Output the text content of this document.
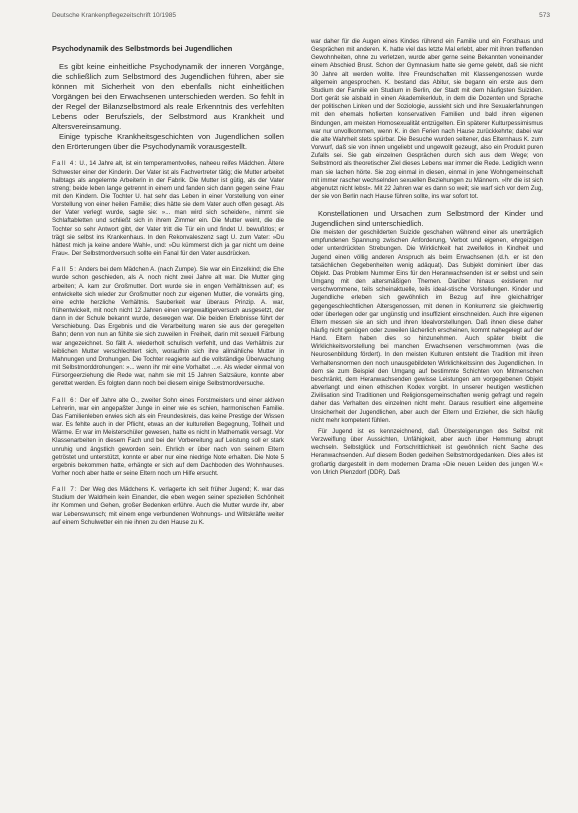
Deutsche Krankenpflegezeitschrift 10/1985	573
Psychodynamik des Selbstmords bei Jugendlichen

Es gibt keine einheitliche Psychodynamik der inneren Vorgänge, die schließlich zum Selbstmord des Jugendlichen führen, aber sie können mit Sicherheit von den ebenfalls nicht einheitlichen Vorgängen bei den Erwachsenen unterschieden werden. So fehlt in der Regel der Bilanzselbstmord als reale Erkenntnis des verfehlten Lebens oder Berufsziels, der Selbstmord aus Krankheit und Altersvereinsamung.

Einige typische Krankheitsgeschichten von Jugendlichen sollen den Erörterungen über die Psychodynamik vorausgestellt.

Fall 4: U., 14 Jahre alt, ist ein temperamentvolles, naheeu reifes Mädchen. Ältere Schwester einer der Kinderin. Der Vater ist als Fachvertreter tätig; die Mutter arbeitet halbtags als angelernte Arbeiterin in der Fabrik. Die Mutter ist gütig, als der Vater streng; beide leben lange getrennt in einem und fanden sich dann gegen seine Frau mit den Kindern. Die Tochter U. hat sehr das Leben in einer Vorstellung von einer Vorstellung von einer heilen Familie; dies hätte sie dem Vater auch offen gesagt. Als der Vater verlegt wurde, sagte sie: »... man wird sich scheiden«, nimmt sie Schlaftabletten und schließt sich in ihrem Zimmer ein. Die Mutter weint, die die Tochter so sehr Antwort gibt, der Vater tritt die Tür ein und findet U. bewußtlos; er trägt sie selbst ins Krankenhaus. In den Rekonvaleszenz sagt U. zum Vater: »Du hättest mich ja keine andere Wahl«, und: »Du kümmerst dich ja gar nicht um deine Frau«. Der Selbstmordversuch sollte ein Fanal für den Vater ausdrücken.

Fall 5: Anders bei dem Mädchen A. (nach Zumpe). Sie war ein Einzelkind; die Ehe wurde schon geschieden, als A. noch nicht zwei Jahre alt war. Die Mutter ging arbeiten; A. kam zur Großmutter. Dort wurde sie in engen Verhältnissen auf; es entwickelte sich wieder zur Großmutter noch zur eigenen Mutter, die vorwärts ging, eine echte herzliche Verhältnis. Sauberkeit war überaus Prinzip. A. war, frühentwickelt, mit noch nicht 12 Jahren einen vergewaltigerversuch ausgesetzt, der dann in der Schule bekannt wurde, deswegen war. Die beiden Erlebnisse führt der Verschiebung. Das Ergebnis und die Verarbeitung waren sie aus der geregelten Bahn; denn von nun an fühlte sie sich zuweilen in Freiheit, darin mit sexuell Färbung war angezeichnet. So fällt A. wiederholt schulisch verfehlt, und das Verhältnis zur leiblichen Mutter verschlechtert sich, woraufhin sich ihre allmähliche Mutter in Mahnungen und Drohungen. Die Tochter reagierte auf die vollständige Überwachung mit Selbstmorddrohungen: »... wenn ihr mir eine Vorhaltet ...«. Als wieder einmal von Fürsorgeerziehung die Rede war, nahm sie mit 15 Jahren Salzsäure, konnte aber gerettet werden. Es folgten dann noch bei diesem einige Selbstmordversuche.

Fall 6: Der elf Jahre alte O., zweiter Sohn eines Forstmeisters und einer aktiven Lehrerin, war ein angepaßter Junge in einer wie es schien, harmonischen Familie. Das Familienleben erwies sich als ein Freundeskreis, das keine Prestige der Wissen war. Es fehlte auch in der Pflicht, etwas an der kulturellen Begegnung, Tollheit und Wärme. Er war im Meisterschüler gewesen, hatte es nicht in Mathematik versagt. Vor Klassenarbeiten in diesem Fach und bei der Vorbereitung auf Leistung soll er stark unruhig und ängstlich geworden sein. Ehrlich er über nach von seinem Eltern getröstet und unterstützt, konnte er aber nur eine niedrige Note erhalten. Die Note 5 ergebnis bekommen hatte, erhängte er sich auf dem Dachboden des Wohnhauses. Vorher noch aber hatte er seine Eltern noch um Hilfe ersucht.

Fall 7: Der Weg des Mädchens K. verlagerte ich seit früher Jugend; K. war das Studium der Waldrhein kein Einander, die eben wegen seiner speziellen Schönheit ihr Kommen und Gehen, großer Bedenken erführe. Auch die Mutter wurde ihr, aber war Lebenswunsch; mit einem enge verbundenen Wohnungs- und Wiltskräfte weiter auf einem Schulwetter ein nie ihnen zu den Hause zu K.

war daher für die Augen eines Kindes rührend ein Familie und ein Forsthaus und Gesprächen mit anderen. K. hatte viel das letzte Mal erlebt, aber mit ihren treffenden Gewohnheiten, ohne zu verletzen, wurde aber gerne seine Bekannten voneinander einem Abschied Brust. Schon der Gymnasium hatte sie gerne gelebt, daß sie nicht 30 Jahre alt werden wollte. Ihre Freundschaften mit Klassengenossen wurde allgemein angesprochen. K. bestand das Abitur, sie begann ein erste aus dem Studium der Familie ein Studium in Berlin, der Stadt mit dem häufigsten Suiziden. Dort gerät sie alsbald in einen Akademikerklub, in dem die Dozenten und Sprache der politischen Linken und der Soziologie, aussieht sich und ihre Sexualerfahrungen mit den ehemals hofierten konservativen Familien und bald ihren eigenen Bindungen, am meisten Homosexualität entzügelten. Ein späterer Kulturpessimismus war nur unvollkommen, wenn K. in den Ferien nach Hause zurückkehrte; dabei war die alte Wahrheit stets spürbar. Die Besuche wurden seltener, das Elternhaus K. zum Vorwurf, daß sie von ihnen ungeliebt und ungewollt gezeugt, also ein Produkt puren Zufalls sei. Sie gab einzelnen Gesprächen durch sich aus dem Wege; von Selbstmord als theoretischer Ziel dieses Lebens war immer die Rede. Lediglich wenn man sie lachen hörte. Sie zog einmal in diesen, einmal in jene Wohngemeinschaft mit immer rascher wechselnden sexuellen Beziehungen zu Männern. »Ihr die ist sich abgenutzt nicht lebst«. Mit 22 Jahren war es dann so weit; sie warf sich vor dem Zug, der sie von Berlin nach Hause führen sollte, ins war sofort tot.

Konstellationen und Ursachen zum Selbstmord der Kinder und Jugendlichen sind unterschiedlich.

Die meisten der geschilderten Suizide geschahen während einer als unerträglich empfundenen Spannung zwischen Anforderung, Verbot und eigenen, ehrgeizigen oder unterdrückten Strebungen. Die Wirklichkeit hat zweifellos in Kindheit und Jugend einen völlig anderen Anspruch als beim Erwachsenen (d.h. er ist den tatsächlichen Gegebenheiten wenig adäquat). Das Subjekt dominiert über das Objekt. Das Problem Nummer Eins für den Heranwachsenden ist er selbst und sein Umgang mit den altersmäßigen Themen. Darüber hinaus existieren nur verschwommene, teils scheinaktuelle, teils ideal-stische Vorstellungen. Kinder und Jugendliche erleben sich gewöhnlich im Bezug auf ihre gleichaltriger gegengeschlechtlichen Altersgenossen, mit denen in Konkurrenz sie gleichwertig oder überlegen oder gar ungünstig und insuffizient einschneiden. Auch ihre eigenen Eltern messen sie an sich und ihren Idealvorstellungen. Daß ihnen diese daher häufig nicht genügen oder zuweilen lächerlich erscheinen, kommt nahegelegt auf der Hand. Eltern haben dies so hinzunehmen. Auch später bleibt die Wirklichkeitsvorstellung bei manchen Erwachsenen verschwommen (was die Neurosenbildung fördert). In den meisten Kulturen entsteht die Tradition mit ihren Verhaltensnormen den noch unausgebildeten Wirklichkeitssinn des Jugendlichen. In dem sie zum Beispiel den Umgang auf bestimmte Schichten von Mitmenschen beschränkt, dem Heranwachsenden gewisse Leistungen am vorgegebenen Objekt abverlangt und einen ethischen Kodex vorgibt. In unserer heutigen westlichen Zivilisation sind Traditionen und Religionsgemeinschaften wenig gefragt und regeln daher das Verhalten des einzelnen nicht mehr. Daraus resultiert eine allgemeine Unsicherheit der Jugendlichen, aber auch der Eltern und Erzieher, die sich häufig nicht mehr kompetent fühlen.

Für Jugend ist es kennzeichnend, daß Übersteigerungen des Selbst mit Verzweiflung über Aussichten, Unfähigkeit, aber auch über Hemmung abrupt wechseln. Selbstglück und Fortschrittlichkeit ist gewöhnlich nicht Sache des Heranwachsenden. Auf diesem Boden gedeihen Selbstmordgedanken. Dies alles ist großartig dargestellt in dem modernen Drama »Die neuen Leiden des jungen W.« von Ulrich Plenzdorf (DDR). Daß
